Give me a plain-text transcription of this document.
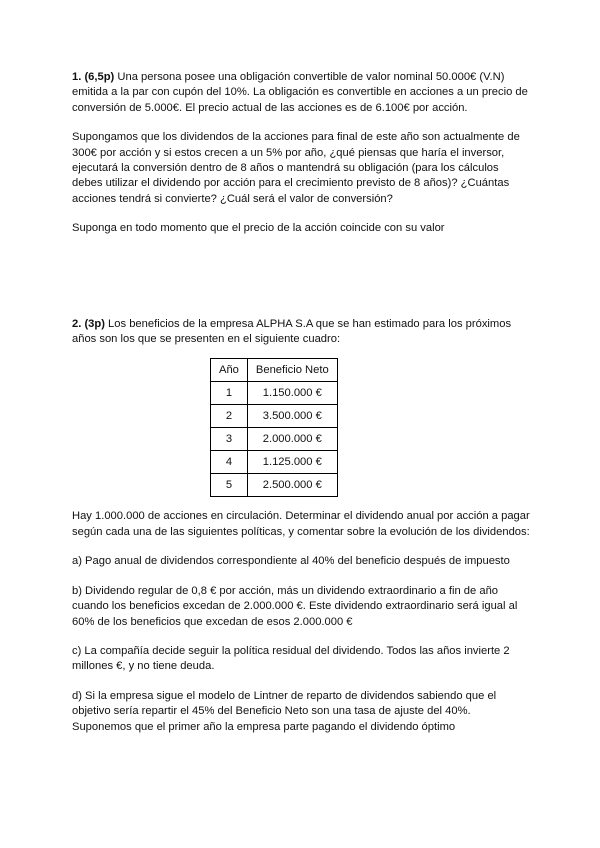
1. (6,5p) Una persona posee una obligación convertible de valor nominal 50.000€ (V.N) emitida a la par con cupón del 10%. La obligación es convertible en acciones a un precio de conversión de 5.000€. El precio actual de las acciones es de 6.100€ por acción.

Supongamos que los dividendos de la acciones para final de este año son actualmente de 300€ por acción y si estos crecen a un 5% por año, ¿qué piensas que haría el inversor, ejecutará la conversión dentro de 8 años o mantendrá su obligación (para los cálculos debes utilizar el dividendo por acción para el crecimiento previsto de 8 años)? ¿Cuántas acciones tendrá si convierte? ¿Cuál será el valor de conversión?

Suponga en todo momento que el precio de la acción coincide con su valor

2. (3p) Los beneficios de la empresa ALPHA S.A que se han estimado para los próximos años son los que se presenten en el siguiente cuadro:

Año	Beneficio Neto
1	1.150.000 €
2	3.500.000 €
3	2.000.000 €
4	1.125.000 €
5	2.500.000 €

Hay 1.000.000 de acciones en circulación. Determinar el dividendo anual por acción a pagar según cada una de las siguientes políticas, y comentar sobre la evolución de los dividendos:

a) Pago anual de dividendos correspondiente al 40% del beneficio después de impuesto

b) Dividendo regular de 0,8 € por acción, más un dividendo extraordinario a fin de año cuando los beneficios excedan de 2.000.000 €. Este dividendo extraordinario será igual al 60% de los beneficios que excedan de esos 2.000.000 €

c) La compañía decide seguir la política residual del dividendo. Todos las años invierte 2 millones €, y no tiene deuda.

d) Si la empresa sigue el modelo de Lintner de reparto de dividendos sabiendo que el objetivo sería repartir el 45% del Beneficio Neto son una tasa de ajuste del 40%. Suponemos que el primer año la empresa parte pagando el dividendo óptimo
